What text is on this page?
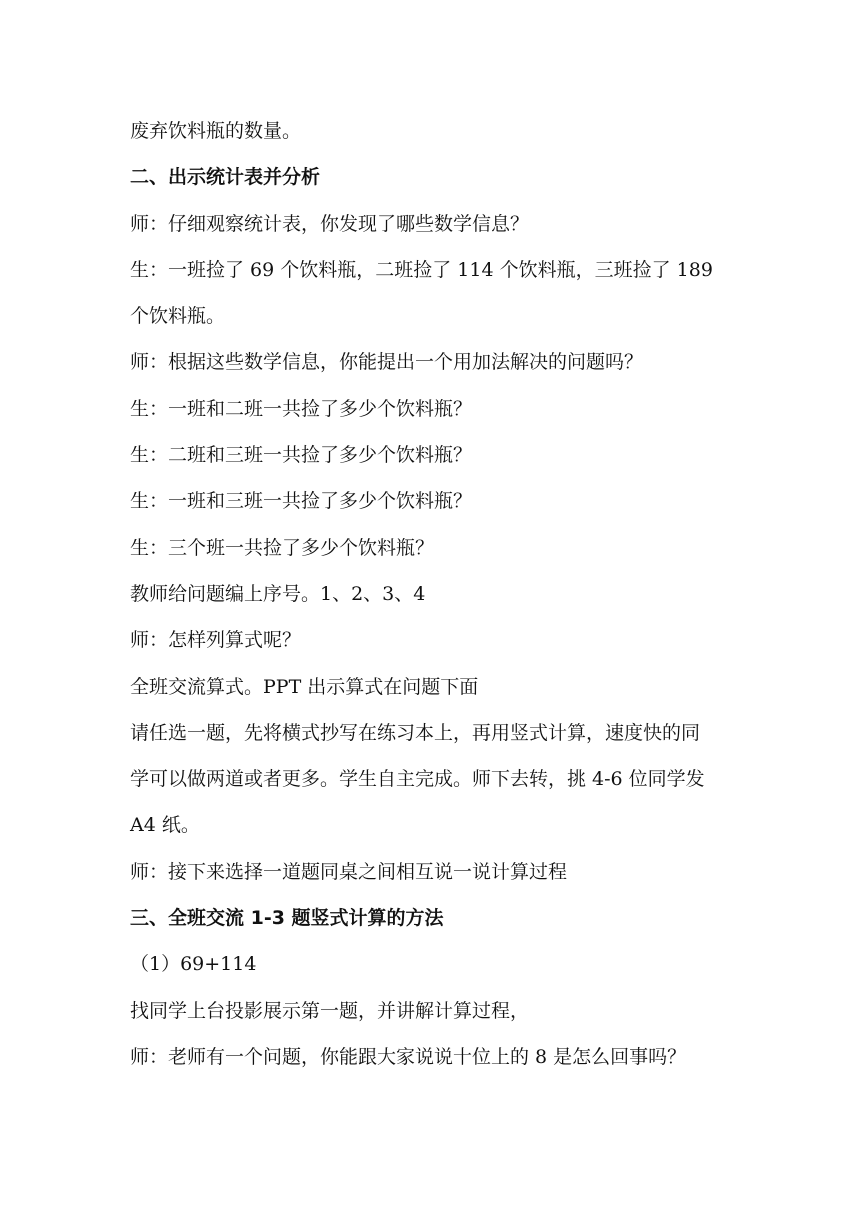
废弃饮料瓶的数量。

二、出示统计表并分析

师：仔细观察统计表，你发现了哪些数学信息？

生：一班捡了 69 个饮料瓶，二班捡了 114 个饮料瓶，三班捡了 189

个饮料瓶。

师：根据这些数学信息，你能提出一个用加法解决的问题吗？

生：一班和二班一共捡了多少个饮料瓶？

生：二班和三班一共捡了多少个饮料瓶？

生：一班和三班一共捡了多少个饮料瓶？

生：三个班一共捡了多少个饮料瓶？

教师给问题编上序号。1、2、3、4

师：怎样列算式呢？

全班交流算式。PPT 出示算式在问题下面

请任选一题，先将横式抄写在练习本上，再用竖式计算，速度快的同

学可以做两道或者更多。学生自主完成。师下去转，挑 4-6 位同学发

A4 纸。

师：接下来选择一道题同桌之间相互说一说计算过程

三、全班交流 1-3 题竖式计算的方法

（1）69+114

找同学上台投影展示第一题，并讲解计算过程，

师：老师有一个问题，你能跟大家说说十位上的 8 是怎么回事吗？
